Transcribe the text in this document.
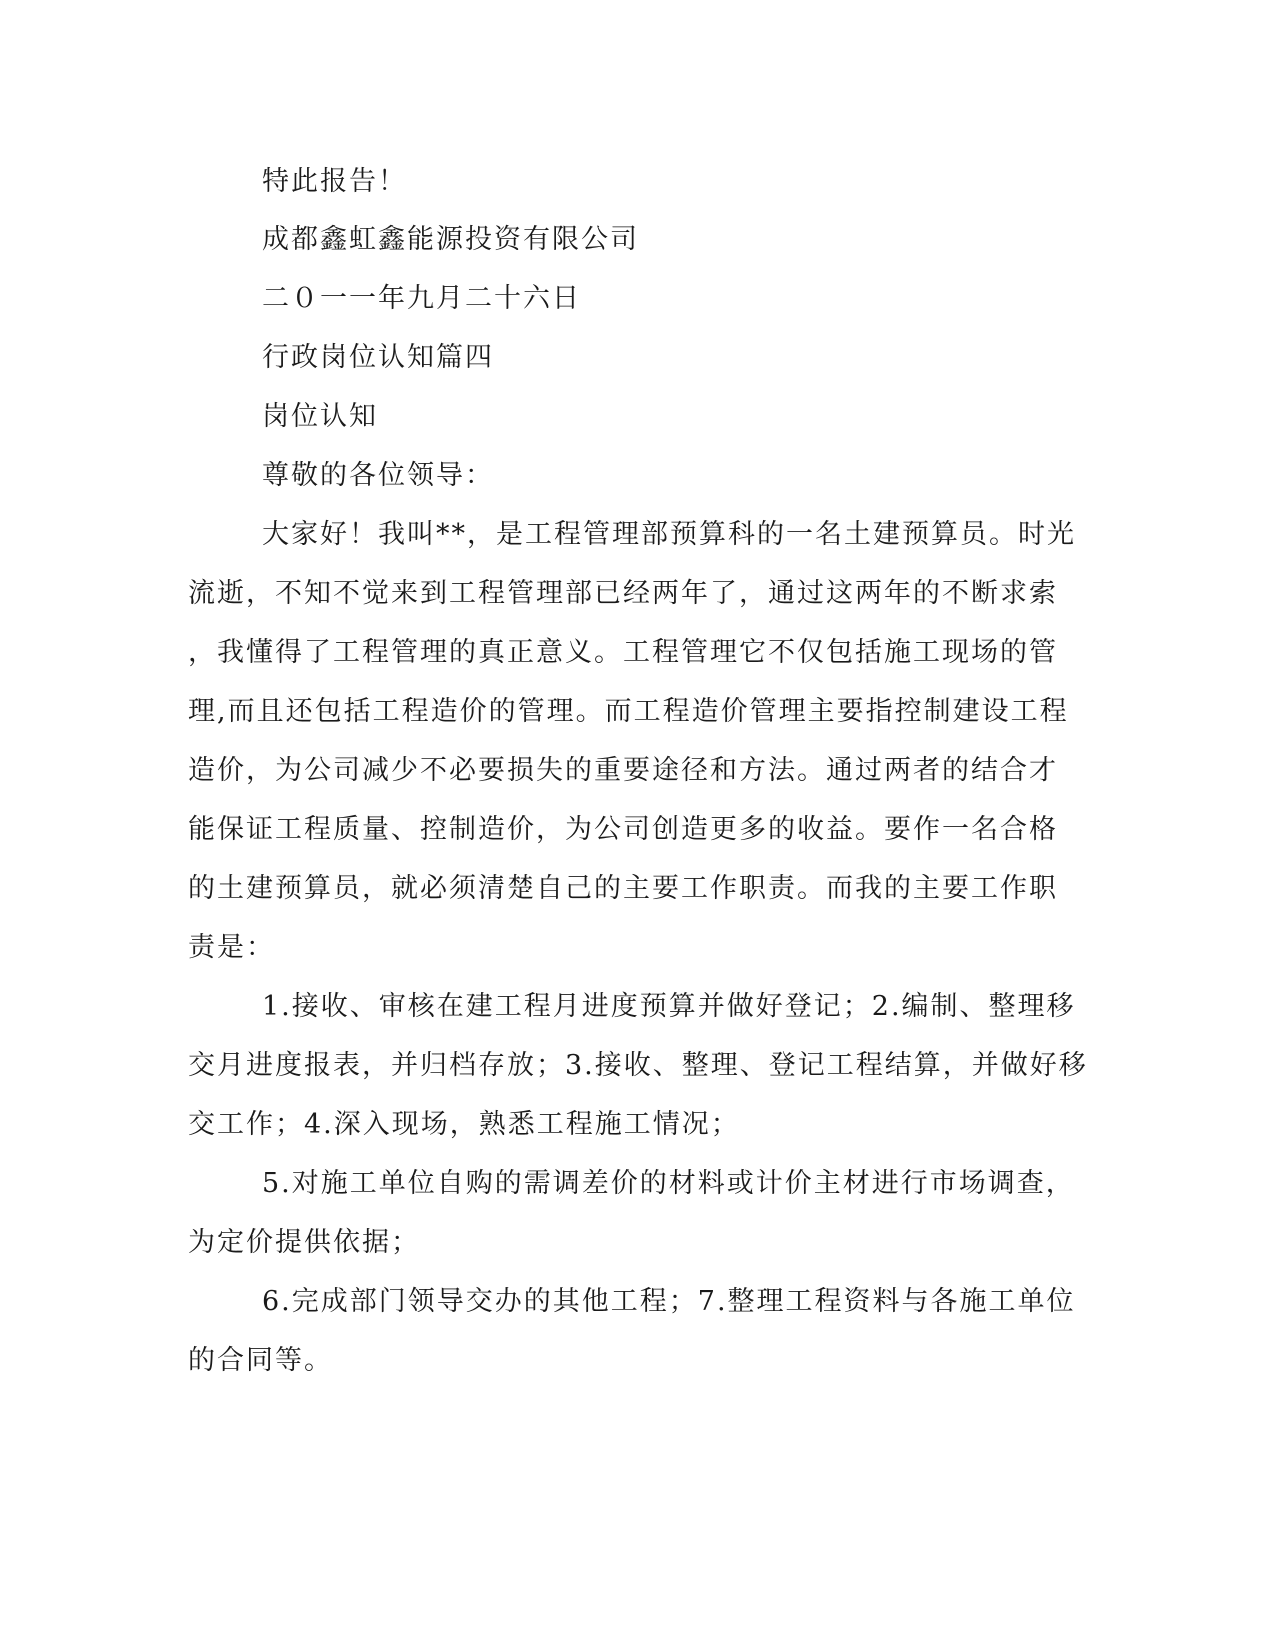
特此报告！
成都鑫虹鑫能源投资有限公司
二０一一年九月二十六日
行政岗位认知篇四
岗位认知
尊敬的各位领导：
大家好！我叫**，是工程管理部预算科的一名土建预算员。时光
流逝，不知不觉来到工程管理部已经两年了，通过这两年的不断求索
，我懂得了工程管理的真正意义。工程管理它不仅包括施工现场的管
理,而且还包括工程造价的管理。而工程造价管理主要指控制建设工程
造价，为公司减少不必要损失的重要途径和方法。通过两者的结合才
能保证工程质量、控制造价，为公司创造更多的收益。要作一名合格
的土建预算员，就必须清楚自己的主要工作职责。而我的主要工作职
责是：
1.接收、审核在建工程月进度预算并做好登记；2.编制、整理移
交月进度报表，并归档存放；3.接收、整理、登记工程结算，并做好移
交工作；4.深入现场，熟悉工程施工情况；
5.对施工单位自购的需调差价的材料或计价主材进行市场调查，
为定价提供依据；
6.完成部门领导交办的其他工程；7.整理工程资料与各施工单位
的合同等。
